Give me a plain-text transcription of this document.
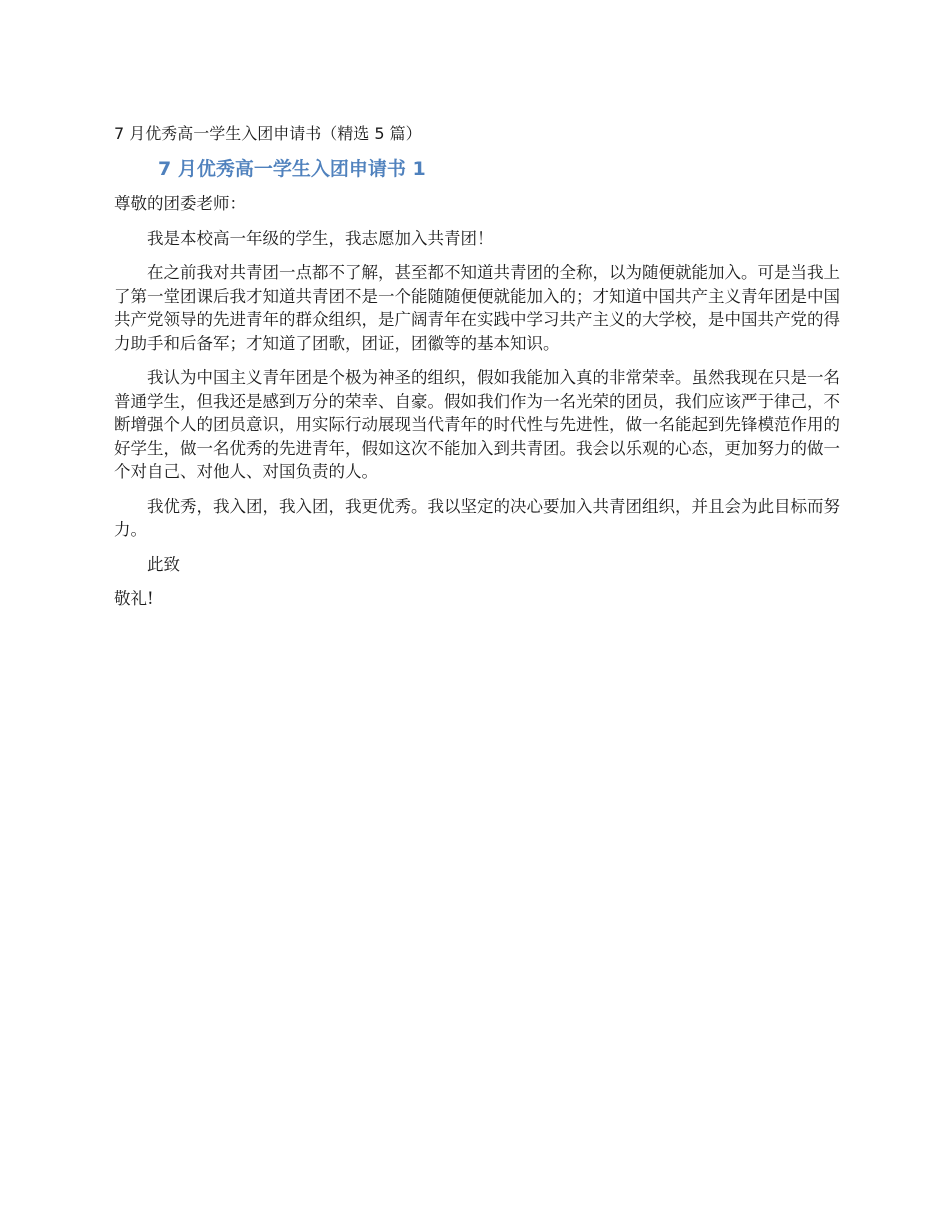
7 月优秀高一学生入团申请书（精选 5 篇）
7 月优秀高一学生入团申请书 1

尊敬的团委老师：

我是本校高一年级的学生，我志愿加入共青团！

在之前我对共青团一点都不了解，甚至都不知道共青团的全称，以为随便就能加入。可是当我上了第一堂团课后我才知道共青团不是一个能随随便便就能加入的；才知道中国共产主义青年团是中国共产党领导的先进青年的群众组织，是广阔青年在实践中学习共产主义的大学校，是中国共产党的得力助手和后备军；才知道了团歌，团证，团徽等的基本知识。

我认为中国主义青年团是个极为神圣的组织，假如我能加入真的非常荣幸。虽然我现在只是一名普通学生，但我还是感到万分的荣幸、自豪。假如我们作为一名光荣的团员，我们应该严于律己，不断增强个人的团员意识，用实际行动展现当代青年的时代性与先进性，做一名能起到先锋模范作用的好学生，做一名优秀的先进青年，假如这次不能加入到共青团。我会以乐观的心态，更加努力的做一个对自己、对他人、对国负责的人。

我优秀，我入团，我入团，我更优秀。我以坚定的决心要加入共青团组织，并且会为此目标而努力。

此致

敬礼!
